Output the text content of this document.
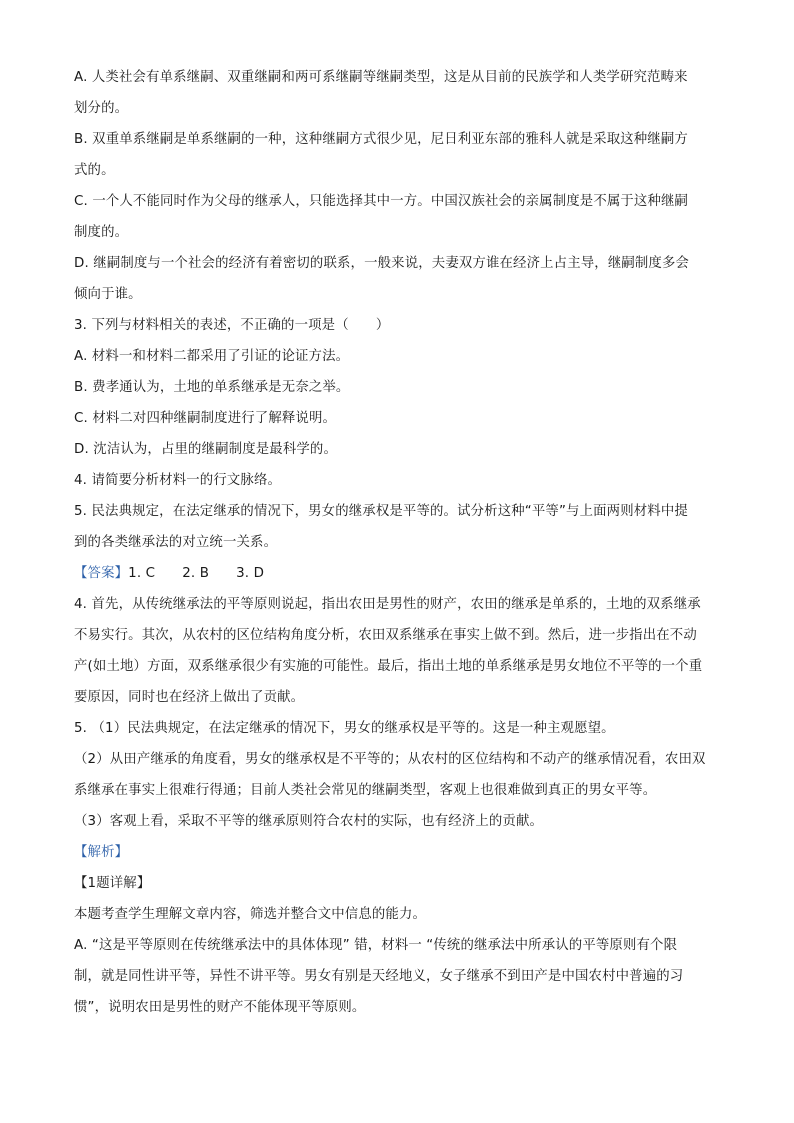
A. 人类社会有单系继嗣、双重继嗣和两可系继嗣等继嗣类型，这是从目前的民族学和人类学研究范畴来

划分的。

B. 双重单系继嗣是单系继嗣的一种，这种继嗣方式很少见，尼日利亚东部的雅科人就是采取这种继嗣方

式的。

C. 一个人不能同时作为父母的继承人，只能选择其中一方。中国汉族社会的亲属制度是不属于这种继嗣

制度的。

D. 继嗣制度与一个社会的经济有着密切的联系，一般来说，夫妻双方谁在经济上占主导，继嗣制度多会

倾向于谁。

3. 下列与材料相关的表述，不正确的一项是（　　）

A. 材料一和材料二都采用了引证的论证方法。

B. 费孝通认为，土地的单系继承是无奈之举。

C. 材料二对四种继嗣制度进行了解释说明。

D. 沈洁认为，占里的继嗣制度是最科学的。

4. 请简要分析材料一的行文脉络。

5. 民法典规定，在法定继承的情况下，男女的继承权是平等的。试分析这种“平等”与上面两则材料中提

到的各类继承法的对立统一关系。

【答案】1. C　　2. B　　3. D

4. 首先，从传统继承法的平等原则说起，指出农田是男性的财产，农田的继承是单系的，土地的双系继承

不易实行。其次，从农村的区位结构角度分析，农田双系继承在事实上做不到。然后，进一步指出在不动

产(如土地）方面，双系继承很少有实施的可能性。最后，指出土地的单系继承是男女地位不平等的一个重

要原因，同时也在经济上做出了贡献。

5. （1）民法典规定，在法定继承的情况下，男女的继承权是平等的。这是一种主观愿望。

（2）从田产继承的角度看，男女的继承权是不平等的；从农村的区位结构和不动产的继承情况看，农田双

系继承在事实上很难行得通；目前人类社会常见的继嗣类型，客观上也很难做到真正的男女平等。

（3）客观上看，采取不平等的继承原则符合农村的实际，也有经济上的贡献。

【解析】

【1题详解】

本题考查学生理解文章内容，筛选并整合文中信息的能力。

A. “这是平等原则在传统继承法中的具体体现” 错，材料一 “传统的继承法中所承认的平等原则有个限

制，就是同性讲平等，异性不讲平等。男女有别是天经地义，女子继承不到田产是中国农村中普遍的习

惯”，说明农田是男性的财产不能体现平等原则。
